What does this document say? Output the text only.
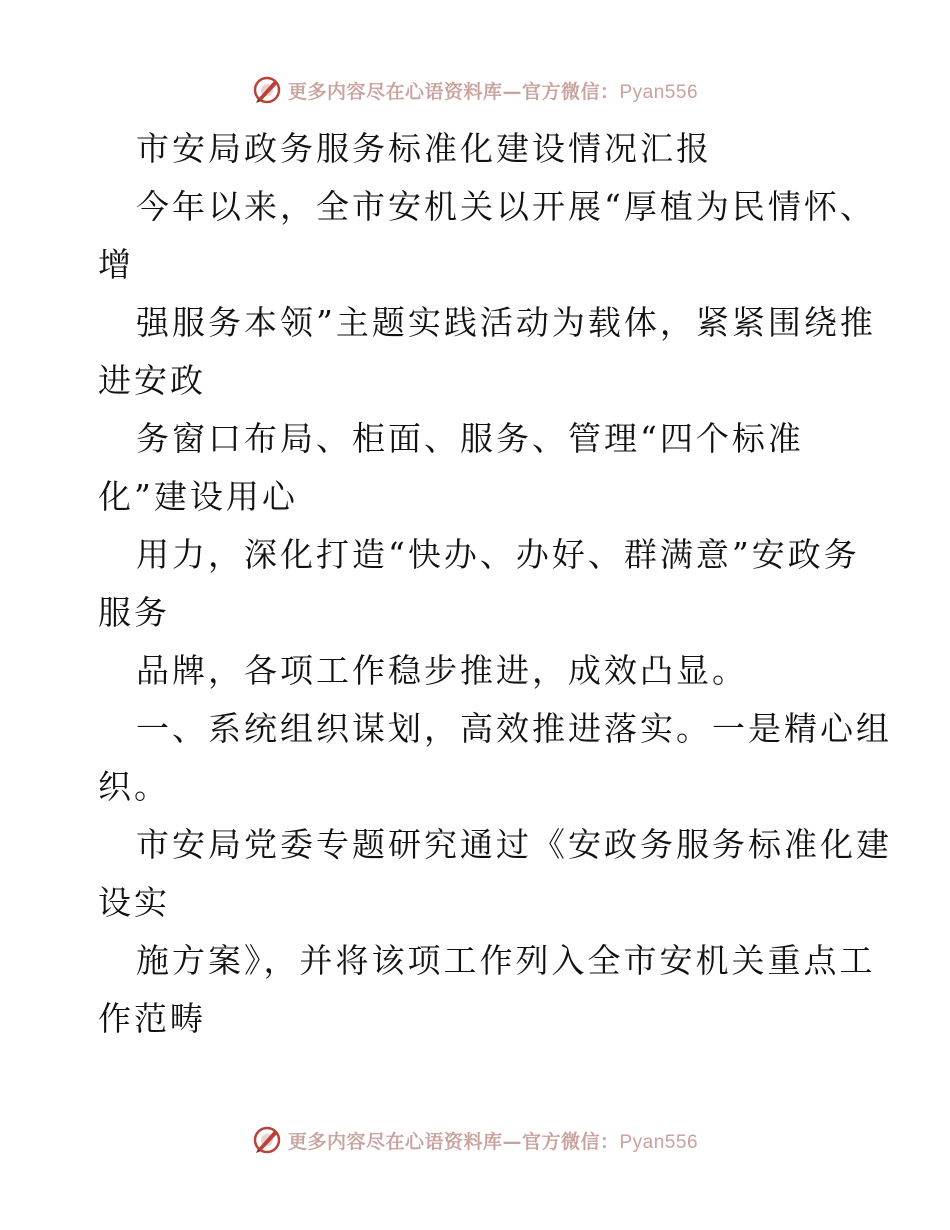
更多内容尽在心语资料库—官方微信：Pyan556
市安局政务服务标准化建设情况汇报
今年以来，全市安机关以开展“厚植为民情怀、
增
强服务本领”主题实践活动为载体，紧紧围绕推
进安政
务窗口布局、柜面、服务、管理“四个标准
化”建设用心
用力，深化打造“快办、办好、群满意”安政务
服务
品牌，各项工作稳步推进，成效凸显。
一、系统组织谋划，高效推进落实。一是精心组
织。
市安局党委专题研究通过《安政务服务标准化建
设实
施方案》，并将该项工作列入全市安机关重点工
作范畴
更多内容尽在心语资料库—官方微信：Pyan556
